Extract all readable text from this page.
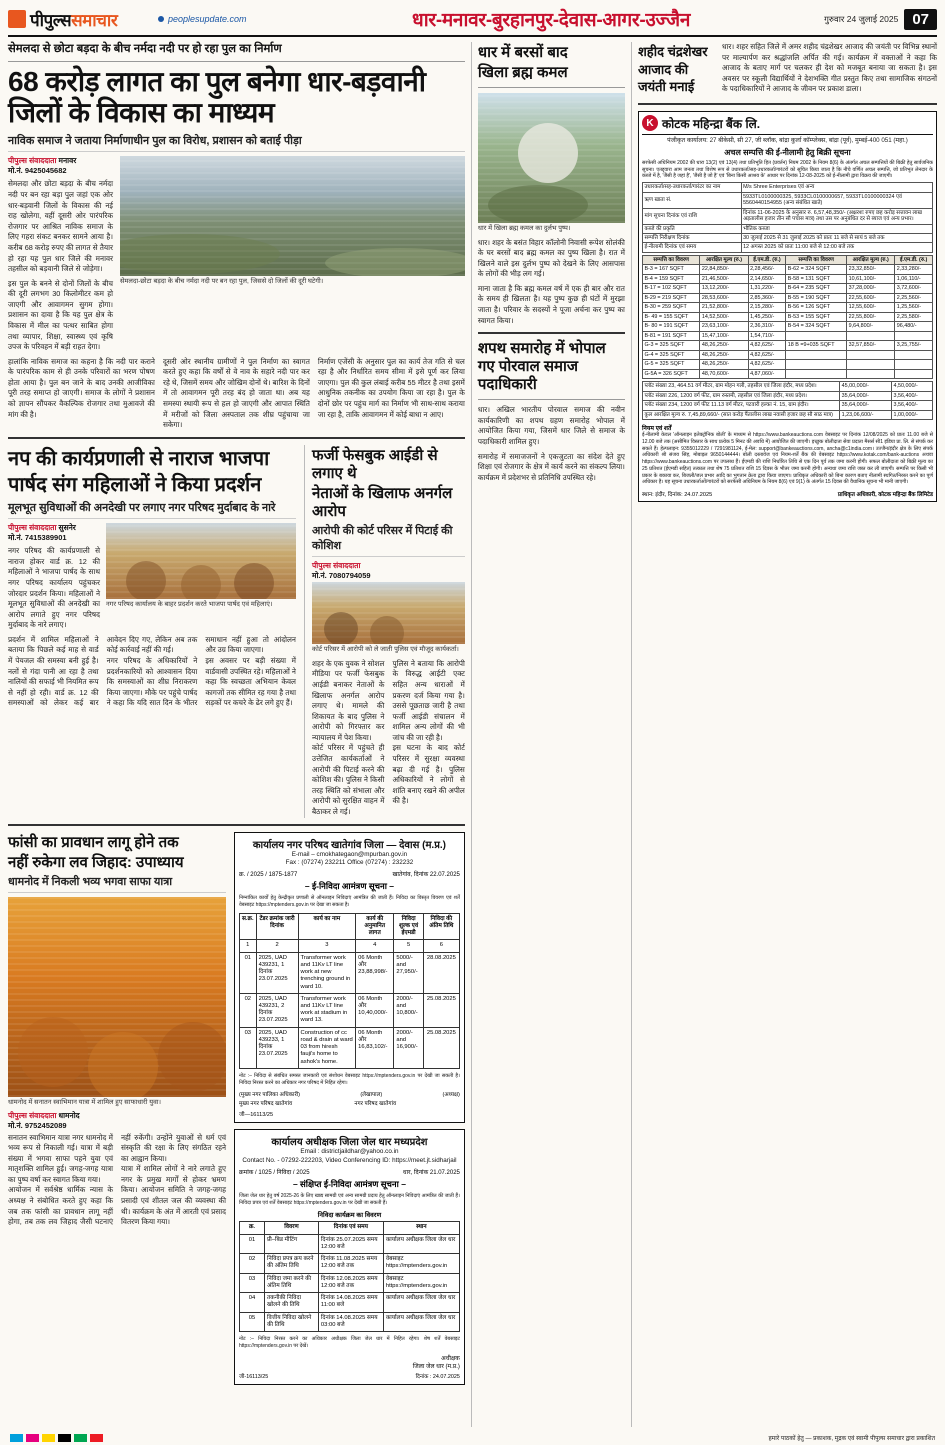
पीपुल्ससमाचार	peoplesupdate.com	धार-मनावर-बुरहानपुर-देवास-आगर-उज्जैन	गुरुवार 24 जुलाई 2025 07
सेमलदा से छोटा बड़दा के बीच नर्मदा नदी पर हो रहा पुल का निर्माण
68 करोड़ लागत का पुल बनेगा धार-बड़वानी जिलों के विकास का माध्यम
नाविक समाज ने जताया निर्माणाधीन पुल का विरोध, प्रशासन को बताई पीड़ा
पीपुल्स संवाददाता मनावर
मो.नं. 9425045682
सेमलदा और छोटा बड़दा के बीच नर्मदा नदी पर बन रहा बड़ा पुल जहां एक ओर धार-बड़वानी जिलों के विकास की नई राह खोलेगा, वहीं दूसरी ओर पारंपरिक रोजगार पर आश्रित नाविक समाज के लिए गहरा संकट बनकर सामने आया है। करीब 68 करोड़ रुपए की लागत से तैयार हो रहा यह पुल धार जिले की मनावर तहसील को बड़वानी जिले से जोड़ेगा।
इस पुल के बनने से दोनों जिलों के बीच की दूरी लगभग 30 किलोमीटर कम हो जाएगी और आवागमन सुगम होगा। प्रशासन का दावा है कि यह पुल क्षेत्र के विकास में मील का पत्थर साबित होगा तथा व्यापार, शिक्षा, स्वास्थ्य एवं कृषि उपज के परिवहन में बड़ी राहत देगा।
सेमलदा-छोटा बड़दा के बीच नर्मदा नदी पर बन रहा पुल, जिससे दो जिलों की दूरी घटेगी।
हालांकि नाविक समाज का कहना है कि नदी पार कराने के पारंपरिक काम से ही उनके परिवारों का भरण पोषण होता आया है। पुल बन जाने के बाद उनकी आजीविका पूरी तरह समाप्त हो जाएगी। समाज के लोगों ने प्रशासन को ज्ञापन सौंपकर वैकल्पिक रोजगार तथा मुआवजे की मांग की है।
दूसरी ओर स्थानीय ग्रामीणों ने पुल निर्माण का स्वागत करते हुए कहा कि वर्षों से वे नाव के सहारे नदी पार कर रहे थे, जिसमें समय और जोखिम दोनों थे। बारिश के दिनों में तो आवागमन पूरी तरह बंद हो जाता था। अब यह समस्या स्थायी रूप से हल हो जाएगी और आपात स्थिति में मरीजों को जिला अस्पताल तक शीघ्र पहुंचाया जा सकेगा।
निर्माण एजेंसी के अनुसार पुल का कार्य तेज गति से चल रहा है और निर्धारित समय सीमा में इसे पूर्ण कर लिया जाएगा। पुल की कुल लंबाई करीब 55 मीटर है तथा इसमें आधुनिक तकनीक का उपयोग किया जा रहा है। पुल के दोनों छोर पर पहुंच मार्ग का निर्माण भी साथ-साथ कराया जा रहा है, ताकि आवागमन में कोई बाधा न आए।
नप की कार्यप्रणाली से नाराज भाजपा
पार्षद संग महिलाओं ने किया प्रदर्शन
मूलभूत सुविधाओं की अनदेखी पर लगाए नगर परिषद मुर्दाबाद के नारे
पीपुल्स संवाददाता सुसनेर
मो.नं. 7415389901
नगर परिषद की कार्यप्रणाली से नाराज होकर वार्ड क्र. 12 की महिलाओं ने भाजपा पार्षद के साथ नगर परिषद कार्यालय पहुंचकर जोरदार प्रदर्शन किया। महिलाओं ने मूलभूत सुविधाओं की अनदेखी का आरोप लगाते हुए नगर परिषद मुर्दाबाद के नारे लगाए।
नगर परिषद कार्यालय के बाहर प्रदर्शन करते भाजपा पार्षद एवं महिलाएं।
प्रदर्शन में शामिल महिलाओं ने बताया कि पिछले कई माह से वार्ड में पेयजल की समस्या बनी हुई है। नलों से गंदा पानी आ रहा है तथा नालियों की सफाई भी नियमित रूप से नहीं हो रही। वार्ड क्र. 12 की समस्याओं को लेकर कई बार आवेदन दिए गए, लेकिन अब तक कोई कार्रवाई नहीं की गई।
नगर परिषद के अधिकारियों ने प्रदर्शनकारियों को आश्वासन दिया कि समस्याओं का शीघ्र निराकरण किया जाएगा। मौके पर पहुंचे पार्षद ने कहा कि यदि सात दिन के भीतर समाधान नहीं हुआ तो आंदोलन और उग्र किया जाएगा।
इस अवसर पर बड़ी संख्या में वार्डवासी उपस्थित रहे। महिलाओं ने कहा कि स्वच्छता अभियान केवल कागजों तक सीमित रह गया है तथा सड़कों पर कचरे के ढेर लगे हुए हैं।
फर्जी फेसबुक आईडी से लगाए थे
नेताओं के खिलाफ अनर्गल आरोप
आरोपी की कोर्ट परिसर में पिटाई की कोशिश
पीपुल्स संवाददाता
मो.नं. 7080794059
कोर्ट परिसर में आरोपी को ले जाती पुलिस एवं मौजूद कार्यकर्ता।
शहर के एक युवक ने सोशल मीडिया पर फर्जी फेसबुक आईडी बनाकर नेताओं के खिलाफ अनर्गल आरोप लगाए थे। मामले की शिकायत के बाद पुलिस ने आरोपी को गिरफ्तार कर न्यायालय में पेश किया।
कोर्ट परिसर में पहुंचते ही उत्तेजित कार्यकर्ताओं ने आरोपी की पिटाई करने की कोशिश की। पुलिस ने किसी तरह स्थिति को संभाला और आरोपी को सुरक्षित वाहन में बैठाकर ले गई।
पुलिस ने बताया कि आरोपी के विरुद्ध आईटी एक्ट सहित अन्य धाराओं में प्रकरण दर्ज किया गया है। उससे पूछताछ जारी है तथा फर्जी आईडी संचालन में शामिल अन्य लोगों की भी जांच की जा रही है।
इस घटना के बाद कोर्ट परिसर में सुरक्षा व्यवस्था बढ़ा दी गई है। पुलिस अधिकारियों ने लोगों से शांति बनाए रखने की अपील की है।
फांसी का प्रावधान लागू होने तक
नहीं रुकेगा लव जिहाद: उपाध्याय
धामनोद में निकली भव्य भगवा साफा यात्रा
धामनोद में सनातन स्वाभिमान यात्रा में शामिल हुए साफाधारी युवा।
पीपुल्स संवाददाता धामनोद
मो.नं. 9752452089
सनातन स्वाभिमान यात्रा नगर धामनोद में भव्य रूप से निकाली गई। यात्रा में बड़ी संख्या में भगवा साफा पहने युवा एवं मातृशक्ति शामिल हुई। जगह-जगह यात्रा का पुष्प वर्षा कर स्वागत किया गया।
आयोजन में सर्वश्रेष्ठ धार्मिक न्यास के अध्यक्ष ने संबोधित करते हुए कहा कि जब तक फांसी का प्रावधान लागू नहीं होगा, तब तक लव जिहाद जैसी घटनाएं नहीं रुकेंगी। उन्होंने युवाओं से धर्म एवं संस्कृति की रक्षा के लिए संगठित रहने का आह्वान किया।
यात्रा में शामिल लोगों ने नारे लगाते हुए नगर के प्रमुख मार्गों से होकर भ्रमण किया। आयोजन समिति ने जगह-जगह प्रसादी एवं शीतल जल की व्यवस्था की थी। कार्यक्रम के अंत में आरती एवं प्रसाद वितरण किया गया।
कार्यालय नगर परिषद खातेगांव जिला — देवास (म.प्र.)
E-mail – cmokhategaon@mpurban.gov.in
Fax : (07274) 232211 Office (07274) : 232232
क्र. / 2025 / 1875-1877	खातेगांव, दिनांक 22.07.2025
– ई-निविदा आमंत्रण सूचना –
निम्नांकित कार्यों हेतु केन्द्रीकृत प्रणाली से ऑनलाइन निविदाएं आमंत्रित की जाती हैं। निविदा का विस्तृत विवरण एवं शर्तें वेबसाइट https://mptenders.gov.in पर देखा जा सकता है।
स.क्र.	टेंडर क्रमांक जारी दिनांक	कार्य का नाम	कार्य की अनुमानित लागत	निविदा शुल्क एवं ईएमडी	निविदा की अंतिम तिथि
1	2	3	4	5	6
01	2025, UAD 439231, 1 दिनांक 23.07.2025	Transformer work and 11Kv LT line work at new trenching ground in ward 10.	06 Month और 23,88,998/-	5000/- and 27,950/-	28.08.2025
02	2025, UAD 439231, 2 दिनांक 23.07.2025	Transformer work and 11Kv LT line work at stadium in ward 13.	06 Month और 10,40,000/-	2000/- and 10,800/-	25.08.2025
03	2025, UAD 439233, 1 दिनांक 23.07.2025	Construction of cc road & drain at ward 03 from hiresh fauji's home to ashok's home.	06 Month और 16,83,102/-	2000/- and 16,900/-	25.08.2025
नोट :– निविदा से संबंधित समस्त जानकारी एवं संशोधन वेबसाइट https://mptenders.gov.in पर देखी जा सकती है। निविदा निरस्त करने का अधिकार नगर परिषद में निहित रहेगा।
(मुख्य नगर पालिका अधिकारी)	(लेखापाल)	(अध्यक्ष)
मुख्य नगर परिषद खातेगांव	नगर परिषद खातेगांव

जी—16113/25
कार्यालय अधीक्षक जिला जेल धार मध्यप्रदेश
Email : districtjaildhar@yahoo.co.in
Contact No. - 07292-222203, Video Conferencing ID: https://meet.jt.sidharjail
क्रमांक / 1025 / निविदा / 2025	धार, दिनांक 21.07.2025
– संक्षिप्त ई-निविदा आमंत्रण सूचना –
जिला जेल धार हेतु वर्ष 2025-26 के लिए खाद्य सामग्री एवं अन्य सामग्री प्रदाय हेतु ऑनलाइन निविदाएं आमंत्रित की जाती हैं। निविदा प्रपत्र एवं शर्तें वेबसाइट https://mptenders.gov.in पर देखी जा सकती हैं।
निविदा कार्यक्रम का विवरण
क्र.	विवरण	दिनांक एवं समय	स्थान
01	प्री–बिड मीटिंग	दिनांक 25.07.2025 समय 12:00 बजे	कार्यालय अधीक्षक जिला जेल धार
02	निविदा प्रपत्र क्रय करने की अंतिम तिथि	दिनांक 11.08.2025 समय 12:00 बजे तक	वेबसाइट https://mptenders.gov.in
03	निविदा जमा करने की अंतिम तिथि	दिनांक 12.08.2025 समय 12:00 बजे तक	वेबसाइट https://mptenders.gov.in
04	तकनीकी निविदा खोलने की तिथि	दिनांक 14.08.2025 समय 11:00 बजे	कार्यालय अधीक्षक जिला जेल धार
05	वित्तीय निविदा खोलने की तिथि	दिनांक 14.08.2025 समय 03:00 बजे	कार्यालय अधीक्षक जिला जेल धार
नोट :– निविदा निरस्त करने का अधिकार अधीक्षक जिला जेल धार में निहित रहेगा। शेष शर्तें वेबसाइट https://mptenders.gov.in पर देखें।
अधीक्षक
जिला जेल धार (म.प्र.)
जी-16113/25	दिनांक : 24.07.2025
धार में बरसों बाद
खिला ब्रह्म कमल
धार में खिला ब्रह्म कमल का दुर्लभ पुष्प।
धार। शहर के बसंत विहार कॉलोनी निवासी रूपेश सोलंकी के घर बरसों बाद ब्रह्म कमल का पुष्प खिला है। रात में खिलने वाले इस दुर्लभ पुष्प को देखने के लिए आसपास के लोगों की भीड़ लग गई।
माना जाता है कि ब्रह्म कमल वर्ष में एक ही बार और रात के समय ही खिलता है। यह पुष्प कुछ ही घंटों में मुरझा जाता है। परिवार के सदस्यों ने पूजा अर्चना कर पुष्प का स्वागत किया।
शपथ समारोह में भोपाल गए पोरवाल समाज पदाधिकारी
धार। अखिल भारतीय पोरवाल समाज की नवीन कार्यकारिणी का शपथ ग्रहण समारोह भोपाल में आयोजित किया गया, जिसमें धार जिले से समाज के पदाधिकारी शामिल हुए।
समारोह में समाजजनों ने एकजुटता का संदेश देते हुए शिक्षा एवं रोजगार के क्षेत्र में कार्य करने का संकल्प लिया। कार्यक्रम में प्रदेशभर से प्रतिनिधि उपस्थित रहे।
शहीद चंद्रशेखर
आजाद की
जयंती मनाई
धार। शहर सहित जिले में अमर शहीद चंद्रशेखर आजाद की जयंती पर विभिन्न स्थानों पर माल्यार्पण कर श्रद्धांजलि अर्पित की गई। कार्यक्रम में वक्ताओं ने कहा कि आजाद के बताए मार्ग पर चलकर ही देश को मजबूत बनाया जा सकता है। इस अवसर पर स्कूली विद्यार्थियों ने देशभक्ति गीत प्रस्तुत किए तथा सामाजिक संगठनों के पदाधिकारियों ने आजाद के जीवन पर प्रकाश डाला।
K कोटक महिन्द्रा बैंक लि.
पंजीकृत कार्यालय: 27 बीकेसी, सी 27, जी ब्लॉक, बांद्रा कुर्ला कॉम्प्लेक्स, बांद्रा (पूर्व), मुम्बई-400 051 (महा.)
अचल सम्पत्ति की ई-नीलामी हेतु बिक्री सूचना
सरफेसी अधिनियम 2002 की धारा 13(2) एवं 13(4) तथा प्रतिभूति हित (प्रवर्तन) नियम 2002 के नियम 8(6) के अंतर्गत अचल सम्पत्तियों की बिक्री हेतु सार्वजनिक सूचना। एतद्द्वारा आम जनता तथा विशेष रूप से उधारकर्ता/सह-उधारकर्ता/गारंटरों को सूचित किया जाता है कि नीचे वर्णित अचल सम्पत्ति, जो प्रतिभूत लेनदार के कब्जे में है, 'जैसी है जहां है', 'जैसी है जो है' एवं 'बिना किसी आश्रय के' आधार पर दिनांक 12-08-2025 को ई-नीलामी द्वारा विक्रय की जाएगी।
उधारकर्ता/सह-उधारकर्ता/गारंटर का नाम	M/s Shree Enterprises एवं अन्य
ऋण खाता सं.	5933TL0100000325, 5933CL0100000657, 5933TL0100000324 एवं 5560440154955 (अन्य संबंधित खाते)
मांग सूचना दिनांक एवं राशि	दिनांक 11-06-2025 के अनुसार रु. 6,57,48,350/- (अक्षरशः रुपए छह करोड़ सत्तावन लाख अड़तालीस हजार तीन सौ पचास मात्र) तथा उस पर अनुबंधित दर से ब्याज एवं अन्य प्रभार।
कब्जे की प्रकृति	भौतिक कब्जा
सम्पत्ति निरीक्षण दिनांक	30 जुलाई 2025 से 31 जुलाई 2025 को प्रातः 11 बजे से सायं 5 बजे तक
ई-नीलामी दिनांक एवं समय	12 अगस्त 2025 को प्रातः 11:00 बजे से 12:00 बजे तक
सम्पत्ति का विवरण	आरक्षित मूल्य (रु.)	ई.एम.डी. (रु.)	सम्पत्ति का विवरण	आरक्षित मूल्य (रु.)	ई.एम.डी. (रु.)
B-3 = 167 SQFT	22,84,850/-	2,28,456/-	B-62 = 324 SQFT	23,32,850/-	2,33,280/-
B-4 = 159 SQFT	21,46,500/-	2,14,650/-	B-58 = 131 SQFT	10,61,100/-	1,06,110/-
B-17 = 102 SQFT	13,12,200/-	1,31,220/-	B-64 = 235 SQFT	37,28,000/-	3,72,600/-
B-29 = 219 SQFT	28,53,600/-	2,85,360/-	B-55 = 190 SQFT	22,55,600/-	2,25,560/-
B-30 = 259 SQFT	21,52,800/-	2,15,280/-	B-56 = 126 SQFT	12,55,600/-	1,25,560/-
B- 49 = 155 SQFT	14,52,500/-	1,45,250/-	B-53 = 155 SQFT	22,55,800/-	2,25,580/-
B- 80 = 191 SQFT	23,63,100/-	2,36,310/-	B-54 = 324 SQFT	9,64,800/-	96,480/-
B-81 = 191 SQFT	15,47,100/-	1,54,710/-			
G-3 = 325 SQFT	48,26,250/-	4,82,625/-	18 B =9+035 SQFT	32,57,850/-	3,25,755/-
G-4 = 325 SQFT	48,26,250/-	4,82,625/-			
G-5 = 325 SQFT	48,26,250/-	4,82,625/-			
G-5A = 326 SQFT	48,70,600/-	4,87,060/-			
प्लॉट संख्या 23, 464.51 वर्ग मीटर, ग्राम मोहन गली, तहसील एवं जिला इंदौर, मध्य प्रदेश।	45,00,000/-	4,50,000/-
प्लॉट संख्या 226, 1200 वर्ग फीट, ग्राम रुस्तमी, तहसील एवं जिला इंदौर, मध्य प्रदेश।	35,64,000/-	3,56,400/-
प्लॉट संख्या 234, 1200 वर्ग फीट 11.13 वर्ग मीटर, पटवारी हल्का नं. 15, ग्राम इंदौर।	35,64,000/-	3,56,400/-
कुल आरक्षित मूल्य रु. 7,45,89,660/- (सात करोड़ पैंतालीस लाख नवासी हजार छह सौ साठ मात्र)	1,23,06,600/-	1,00,000/-
नियम एवं शर्तें
ई-नीलामी केवल 'ऑनलाइन इलेक्ट्रॉनिक बोली' के माध्यम से https://www.bankeauctions.com वेबसाइट पर दिनांक 12/08/2025 को प्रातः 11.00 बजे से 12.00 बजे तक (असीमित विस्तार के साथ प्रत्येक 5 मिनट की अवधि में) आयोजित की जाएगी। इच्छुक बोलीदाता सेवा प्रदाता मैसर्स सी1 इंडिया प्रा. लि. से संपर्क कर सकते हैं। हेल्पलाइन: 9355012229 / 7291981124, ई-मेल: support@bankeauctions.com, ancha@c1india.com। उज्जैन/इंदौर क्षेत्र के लिए संपर्क अधिकारी श्री संजय सिंह, मोबाइल 9650144444। बोली दस्तावेज एवं नियम-शर्तें बैंक की वेबसाइट https://www.kotak.com/bank-auctions अथवा https://www.bankeauctions.com पर उपलब्ध हैं। ईएमडी की राशि निर्धारित तिथि से एक दिन पूर्व तक जमा करनी होगी। सफल बोलीदाता को बिक्री मूल्य का 25 प्रतिशत (ईएमडी सहित) तत्काल तथा शेष 75 प्रतिशत राशि 15 दिवस के भीतर जमा करनी होगी। अन्यथा जमा राशि जब्त कर ली जाएगी। सम्पत्ति पर किसी भी प्रकार के बकाया कर, बिजली/जल प्रभार आदि का भुगतान क्रेता द्वारा किया जाएगा। प्राधिकृत अधिकारी को बिना कारण बताए नीलामी स्थगित/निरस्त करने का पूर्ण अधिकार है। यह सूचना उधारकर्ताओं/गारंटरों को सरफेसी अधिनियम के नियम 8(6) एवं 9(1) के अंतर्गत 15 दिवस की वैधानिक सूचना भी मानी जाएगी।
स्थान: इंदौर, दिनांक: 24.07.2025	प्राधिकृत अधिकारी, कोटक महिन्द्रा बैंक लिमिटेड
हमारे पाठकों हेतु — प्रकाशक, मुद्रक एवं स्वामी पीपुल्स समाचार द्वारा प्रकाशित
